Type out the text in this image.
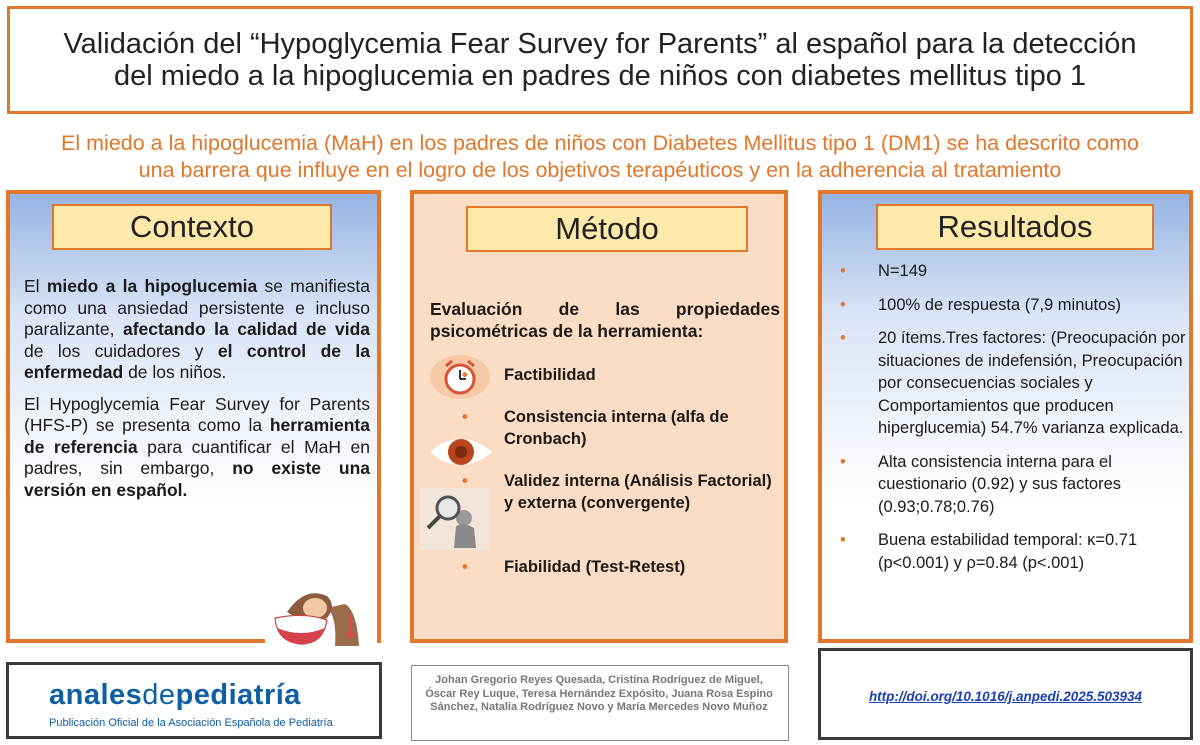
Validación del “Hypoglycemia Fear Survey for Parents” al español para la detección
del miedo a la hipoglucemia en padres de niños con diabetes mellitus tipo 1
El miedo a la hipoglucemia (MaH) en los padres de niños con Diabetes Mellitus tipo 1 (DM1) se ha descrito como
una barrera que influye en el logro de los objetivos terapéuticos y en la adherencia al tratamiento
Contexto

El miedo a la hipoglucemia se manifiesta como una ansiedad persistente e incluso paralizante, afectando la calidad de vida de los cuidadores y el control de la enfermedad de los niños.

El Hypoglycemia Fear Survey for Parents (HFS-P) se presenta como la herramienta de referencia para cuantificar el MaH en padres, sin embargo, no existe una versión en español.

Método
Evaluación de las propiedades psicométricas de la herramienta:
• Factibilidad
• Consistencia interna (alfa de Cronbach)
• Validez interna (Análisis Factorial) y externa (convergente)
• Fiabilidad (Test-Retest)
Resultados
• N=149
• 100% de respuesta (7,9 minutos)
• 20 ítems.Tres factores: (Preocupación por situaciones de indefensión, Preocupación por consecuencias sociales y Comportamientos que producen hiperglucemia) 54.7% varianza explicada.
• Alta consistencia interna para el cuestionario (0.92) y sus factores (0.93;0.78;0.76)
• Buena estabilidad temporal: κ=0.71 (p<0.001) y ρ=0.84 (p<.001)
analesdepediatría
Publicación Oficial de la Asociación Española de Pediatría
Johan Gregorio Reyes Quesada, Cristina Rodríguez de Miguel, Óscar Rey Luque, Teresa Hernández Expósito, Juana Rosa Espino Sánchez, Natalia Rodríguez Novo y María Mercedes Novo Muñoz
http://doi.org/10.1016/j.anpedi.2025.503934
